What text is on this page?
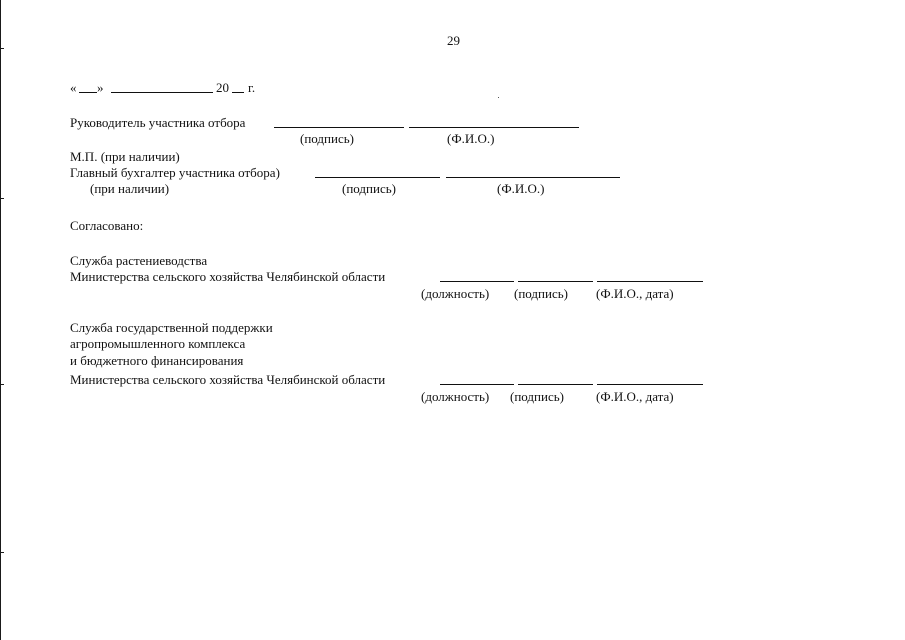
29
« »	20 г.
Руководитель участника отбора
(подпись)	(Ф.И.О.)
М.П. (при наличии)
Главный бухгалтер участника отбора)
(при наличии)	(подпись)	(Ф.И.О.)
Согласовано:
Служба растениеводства
Министерства сельского хозяйства Челябинской области
(должность) (подпись) (Ф.И.О., дата)
Служба государственной поддержки
агропромышленного комплекса
и бюджетного финансирования
Министерства сельского хозяйства Челябинской области
(должность) (подпись) (Ф.И.О., дата)
